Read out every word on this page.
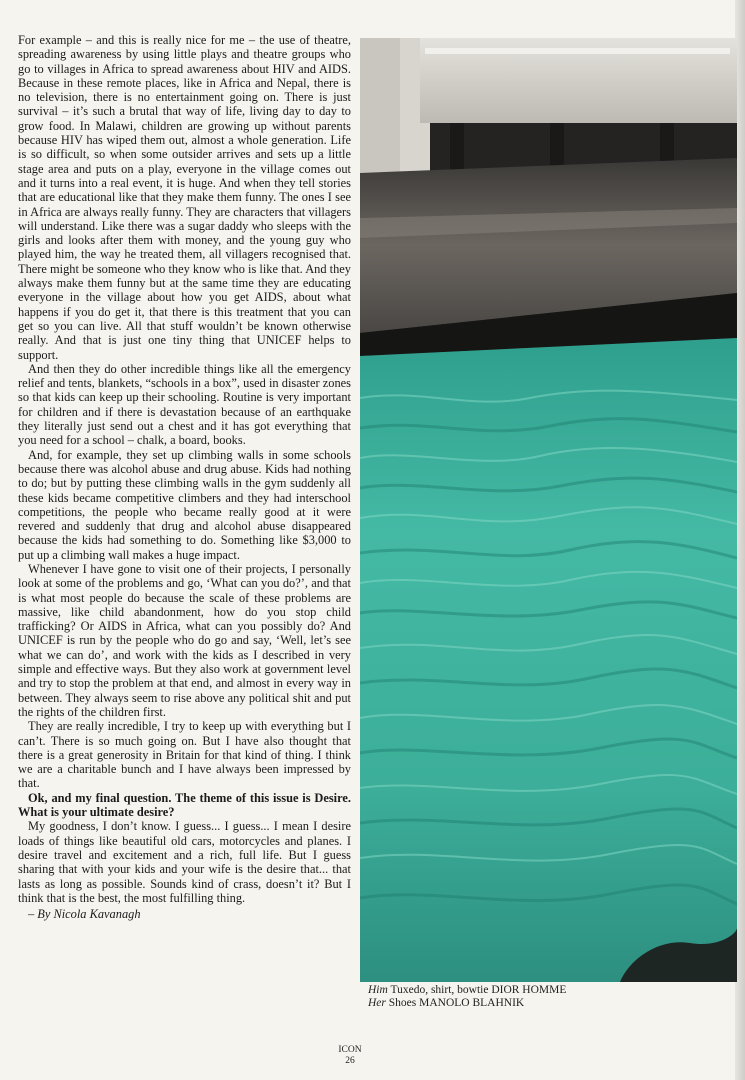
For example – and this is really nice for me – the use of theatre, spreading awareness by using little plays and theatre groups who go to villages in Africa to spread awareness about HIV and AIDS. Because in these remote places, like in Africa and Nepal, there is no television, there is no entertainment going on. There is just survival – it’s such a brutal that way of life, living day to day to grow food. In Malawi, children are growing up without parents because HIV has wiped them out, almost a whole generation. Life is so difficult, so when some outsider arrives and sets up a little stage area and puts on a play, everyone in the village comes out and it turns into a real event, it is huge. And when they tell stories that are educational like that they make them funny. The ones I see in Africa are always really funny. They are characters that villagers will understand. Like there was a sugar daddy who sleeps with the girls and looks after them with money, and the young guy who played him, the way he treated them, all villagers recognised that. There might be someone who they know who is like that. And they always make them funny but at the same time they are educating everyone in the village about how you get AIDS, about what happens if you do get it, that there is this treatment that you can get so you can live. All that stuff wouldn’t be known otherwise really. And that is just one tiny thing that UNICEF helps to support.

And then they do other incredible things like all the emergency relief and tents, blankets, “schools in a box”, used in disaster zones so that kids can keep up their schooling. Routine is very important for children and if there is devastation because of an earthquake they literally just send out a chest and it has got everything that you need for a school – chalk, a board, books.

And, for example, they set up climbing walls in some schools because there was alcohol abuse and drug abuse. Kids had nothing to do; but by putting these climbing walls in the gym suddenly all these kids became competitive climbers and they had interschool competitions, the people who became really good at it were revered and suddenly that drug and alcohol abuse disappeared because the kids had something to do. Something like $3,000 to put up a climbing wall makes a huge impact.

Whenever I have gone to visit one of their projects, I personally look at some of the problems and go, ‘What can you do?’, and that is what most people do because the scale of these problems are massive, like child abandonment, how do you stop child trafficking? Or AIDS in Africa, what can you possibly do? And UNICEF is run by the people who do go and say, ‘Well, let’s see what we can do’, and work with the kids as I described in very simple and effective ways. But they also work at government level and try to stop the problem at that end, and almost in every way in between. They always seem to rise above any political shit and put the rights of the children first.

They are really incredible, I try to keep up with everything but I can’t. There is so much going on. But I have also thought that there is a great generosity in Britain for that kind of thing. I think we are a charitable bunch and I have always been impressed by that.

Ok, and my final question. The theme of this issue is Desire. What is your ultimate desire?

My goodness, I don’t know. I guess... I guess... I mean I desire loads of things like beautiful old cars, motorcycles and planes. I desire travel and excitement and a rich, full life. But I guess sharing that with your kids and your wife is the desire that... that lasts as long as possible. Sounds kind of crass, doesn’t it? But I think that is the best, the most fulfilling thing.

– By Nicola Kavanagh

Him Tuxedo, shirt, bowtie DIOR HOMME
Her Shoes MANOLO BLAHNIK
ICON
26
